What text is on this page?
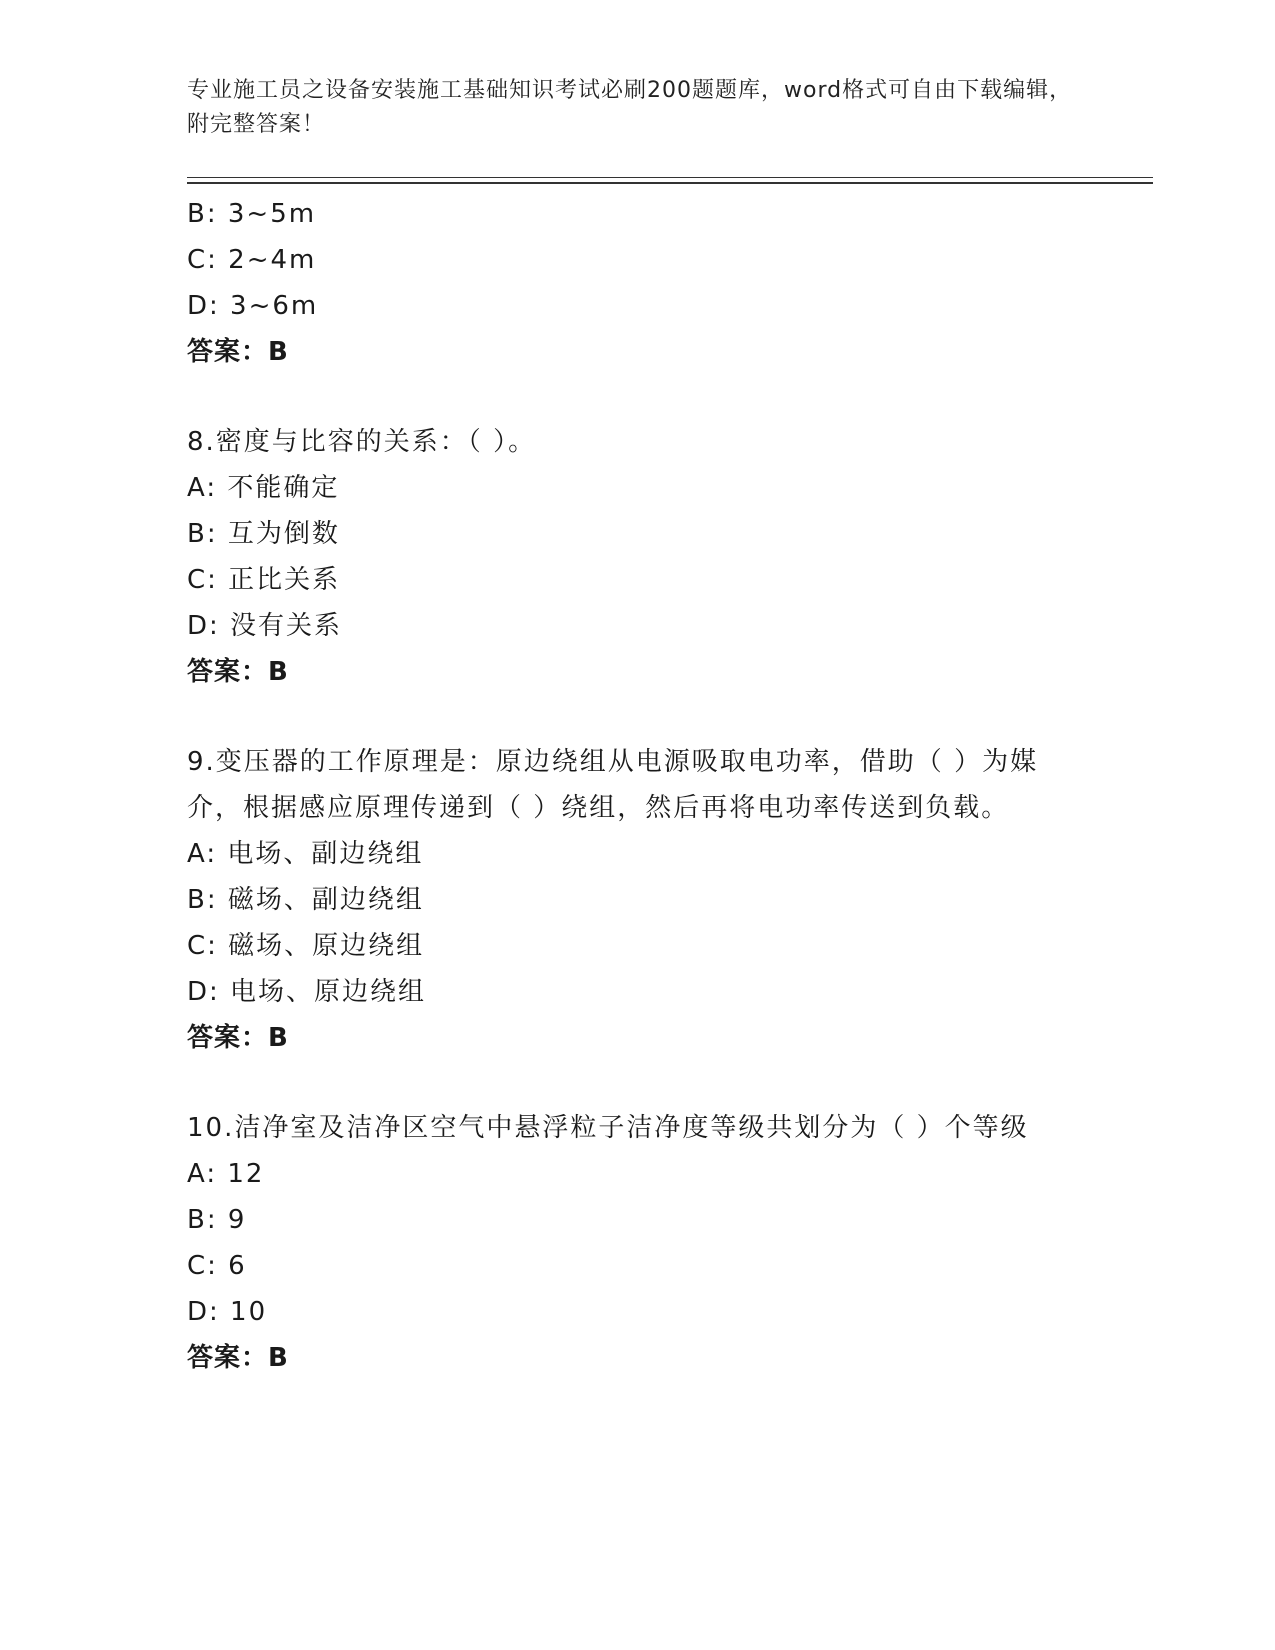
专业施工员之设备安装施工基础知识考试必刷200题题库，word格式可自由下载编辑，附完整答案！
B: 3~5m
C: 2~4m
D: 3~6m
答案：B
8.密度与比容的关系：（ ）。
A: 不能确定
B: 互为倒数
C: 正比关系
D: 没有关系
答案：B
9.变压器的工作原理是：原边绕组从电源吸取电功率，借助（ ）为媒
介，根据感应原理传递到（ ）绕组，然后再将电功率传送到负载。
A: 电场、副边绕组
B: 磁场、副边绕组
C: 磁场、原边绕组
D: 电场、原边绕组
答案：B
10.洁净室及洁净区空气中悬浮粒子洁净度等级共划分为（ ）个等级
A: 12
B: 9
C: 6
D: 10
答案：B
